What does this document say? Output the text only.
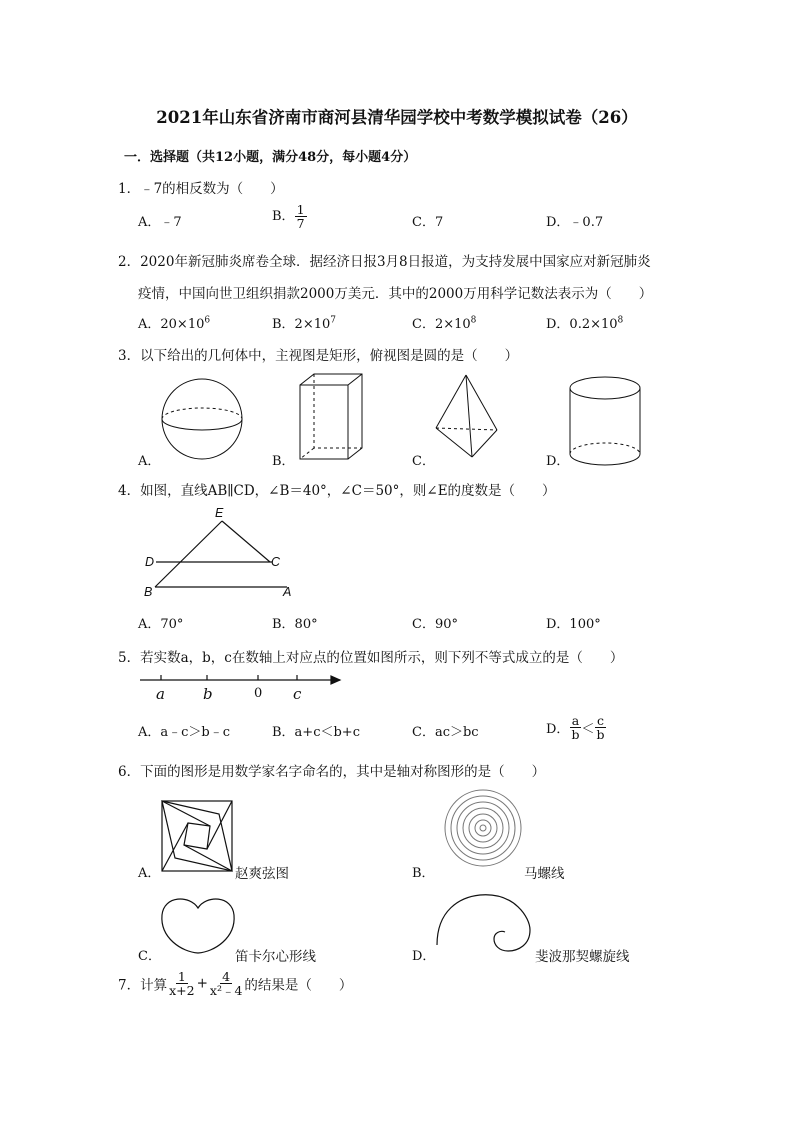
2021年山东省济南市商河县清华园学校中考数学模拟试卷（26）
一．选择题（共12小题，满分48分，每小题4分）
1．﹣7的相反数为（　　）
A．﹣7	B． $\frac{1}{7}$	C．7	D．﹣0.7
2．2020年新冠肺炎席卷全球．据经济日报3月8日报道，为支持发展中国家应对新冠肺炎
疫情，中国向世卫组织捐款2000万美元．其中的2000万用科学记数法表示为（　　）
A．$20\times 10^6$	B．$2\times 10^7$	C．$2\times 10^8$	D．$0.2\times 10^8$
3．以下给出的几何体中，主视图是矩形，俯视图是圆的是（　　）
A．	B．	C．	D．
4．如图，直线AB∥CD，∠B＝40°，∠C＝50°，则∠E的度数是（　　）
E
D	C
B	A
A．70°	B．80°	C．90°	D．100°
5．若实数a，b，c在数轴上对应点的位置如图所示，则下列不等式成立的是（　　）
a	b	0 c
A．a﹣c＞b﹣c	B．a+c＜b+c	C．ac＞bc	D． $\frac{a}{b} < \frac{c}{b}$
6．下面的图形是用数学家名字命名的，其中是轴对称图形的是（　　）
A．	赵爽弦图	B．	马螺线
C．	笛卡尔心形线	D．	斐波那契螺旋线
7．计算 $\frac{1}{x+2} + \frac{4}{\text{x²﹣4}}$ 的结果是（　　）
